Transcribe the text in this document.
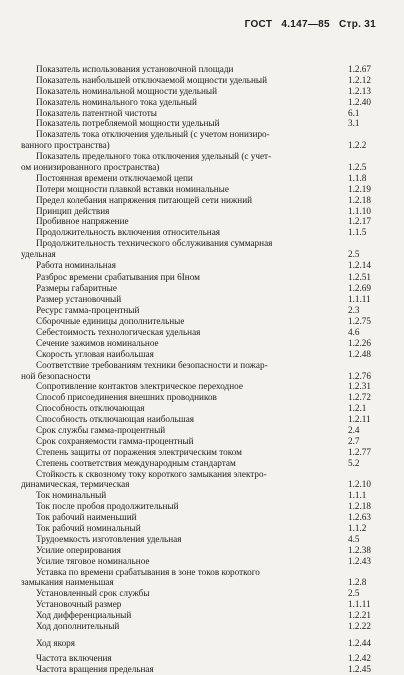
ГОСТ 4.147—85 Стр. 31
Показатель использования установочной площади	1.2.67
Показатель наибольшей отключаемой мощности удельный	1.2.12
Показатель номинальной мощности удельный	1.2.13
Показатель номинального тока удельный	1.2.40
Показатель патентной чистоты	6.1
Показатель потребляемой мощности удельный	3.1
Показатель тока отключения удельный (с учетом нонизиро-
ванного пространства)	1.2.2
Показатель предельного тока отключения удельный (с учет-
ом ионизированного пространства)	1.2.5
Постоянная времени отключаемой цепи	1.1.8
Потери мощности плавкой вставки номинальные	1.2.19
Предел колебания напряжения питающей сети нижний	1.2.18
Принцип действия	1.1.10
Пробивное напряжение	1.2.17
Продолжительность включения относительная	1.1.5
Продолжительность технического обслуживания суммарная
удельная	2.5
Работа номинальная	1.2.14
Разброс времени срабатывания при 6Iном	1.2.51
Размеры габаритные	1.2.69
Размер установочный	1.1.11
Ресурс гамма-процентный	2.3
Сборочные единицы дополнительные	1.2.75
Себестоимость технологическая удельная	4.6
Сечение зажимов номинальное	1.2.26
Скорость угловая наибольшая	1.2.48
Соответствие требованиям техники безопасности и пожар-
ной безопасности	1.2.76
Сопротивление контактов электрическое переходное	1.2.31
Способ присоединения внешних проводников	1.2.72
Способность отключающая	1.2.1
Способность отключающая наибольшая	1.2.11
Срок службы гамма-процентный	2.4
Срок сохраняемости гамма-процентный	2.7
Степень защиты от поражения электрическим током	1.2.77
Степень соответствия международным стандартам	5.2
Стойкость к сквозному току короткого замыкания электро-
динамическая, термическая	1.2.10
Ток номинальный	1.1.1
Ток после пробоя продолжительный	1.2.18
Ток рабочий наименьший	1.2.63
Ток рабочий номинальный	1.1.2
Трудоемкость изготовления удельная	4.5
Усилие оперирования	1.2.38
Усилие тяговое номинальное	1.2.43
Уставка по времени срабатывания в зоне токов короткого
замыкания наименьшая	1.2.8
Установленный срок службы	2.5
Установочный размер	1.1.11
Ход дифференциальный	1.2.21
Ход дополнительный	1.2.22
Ход якоря	1.2.44
Частота включения	1.2.42
Частота вращения предельная	1.2.45
